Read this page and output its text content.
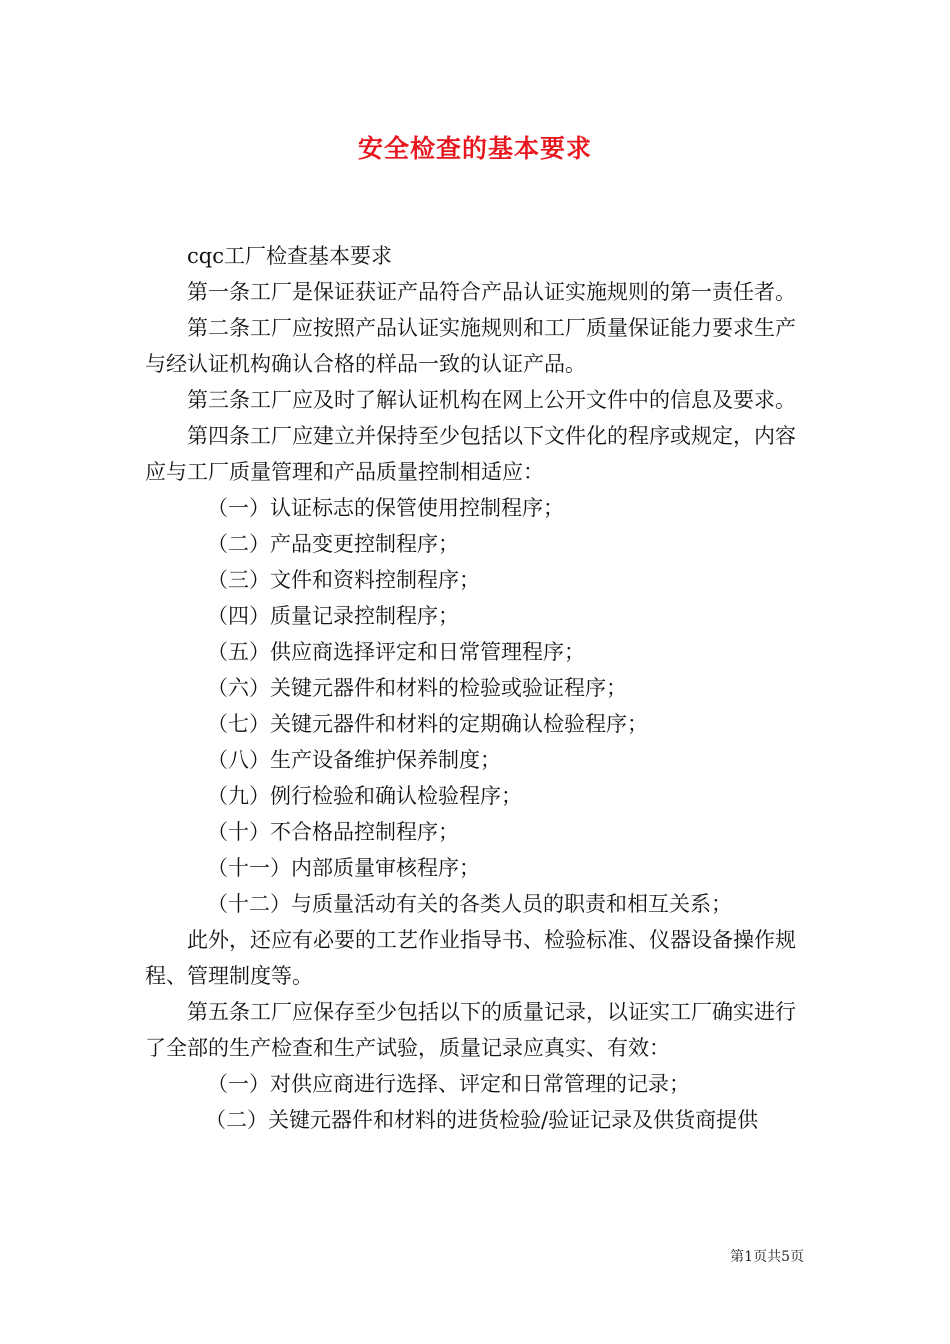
安全检查的基本要求

cqc工厂检查基本要求

第一条工厂是保证获证产品符合产品认证实施规则的第一责任者。

第二条工厂应按照产品认证实施规则和工厂质量保证能力要求生产与经认证机构确认合格的样品一致的认证产品。

第三条工厂应及时了解认证机构在网上公开文件中的信息及要求。

第四条工厂应建立并保持至少包括以下文件化的程序或规定，内容应与工厂质量管理和产品质量控制相适应：

（一）认证标志的保管使用控制程序；

（二）产品变更控制程序；

（三）文件和资料控制程序；

（四）质量记录控制程序；

（五）供应商选择评定和日常管理程序；

（六）关键元器件和材料的检验或验证程序；

（七）关键元器件和材料的定期确认检验程序；

（八）生产设备维护保养制度；

（九）例行检验和确认检验程序；

（十）不合格品控制程序；

（十一）内部质量审核程序；

（十二）与质量活动有关的各类人员的职责和相互关系；

此外，还应有必要的工艺作业指导书、检验标准、仪器设备操作规程、管理制度等。

第五条工厂应保存至少包括以下的质量记录，以证实工厂确实进行了全部的生产检查和生产试验，质量记录应真实、有效：

（一）对供应商进行选择、评定和日常管理的记录；

（二）关键元器件和材料的进货检验/验证记录及供货商提供

第1页共5页
